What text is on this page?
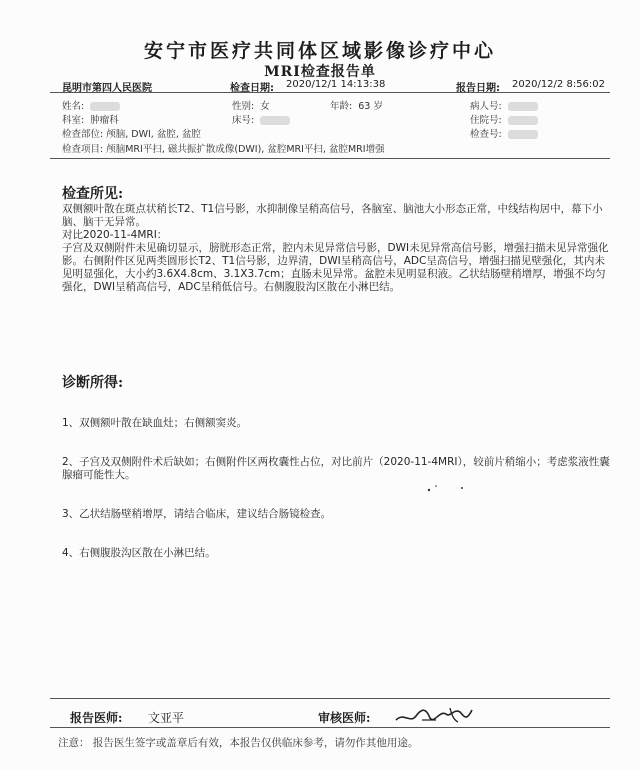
安宁市医疗共同体区域影像诊疗中心
MRI检查报告单
昆明市第四人民医院	检查日期: 2020/12/1 14:13:38	报告日期: 2020/12/2 8:56:02
姓名:	性别: 女	年龄: 63 岁	病人号:
科室: 肿瘤科	床号:	住院号:
检查部位: 颅脑, DWI, 盆腔, 盆腔	检查号:
检查项目: 颅脑MRI平扫, 磁共振扩散成像(DWI), 盆腔MRI平扫, 盆腔MRI增强
检查所见:
双侧额叶散在斑点状稍长T2、T1信号影，水抑制像呈稍高信号，各脑室、脑池大小形态正常，中线结构居中，幕下小脑、脑干无异常。
对比2020-11-4MRI：
子宫及双侧附件未见确切显示，膀胱形态正常，腔内未见异常信号影，DWI未见异常高信号影，增强扫描未见异常强化影。右侧附件区见两类圆形长T2、T1信号影，边界清，DWI呈稍高信号，ADC呈高信号，增强扫描见壁强化，其内未见明显强化，大小约3.6X4.8cm、3.1X3.7cm；直肠未见异常。盆腔未见明显积液。乙状结肠壁稍增厚，增强不均匀强化，DWI呈稍高信号，ADC呈稍低信号。右侧腹股沟区散在小淋巴结。
诊断所得:

1、双侧额叶散在缺血灶；右侧额窦炎。

2、子宫及双侧附件术后缺如；右侧附件区两枚囊性占位，对比前片（2020-11-4MRI），较前片稍缩小；考虑浆液性囊腺瘤可能性大。

3、乙状结肠壁稍增厚，请结合临床，建议结合肠镜检查。

4、右侧腹股沟区散在小淋巴结。

报告医师: 文亚平	审核医师:
注意： 报告医生签字或盖章后有效，本报告仅供临床参考，请勿作其他用途。
